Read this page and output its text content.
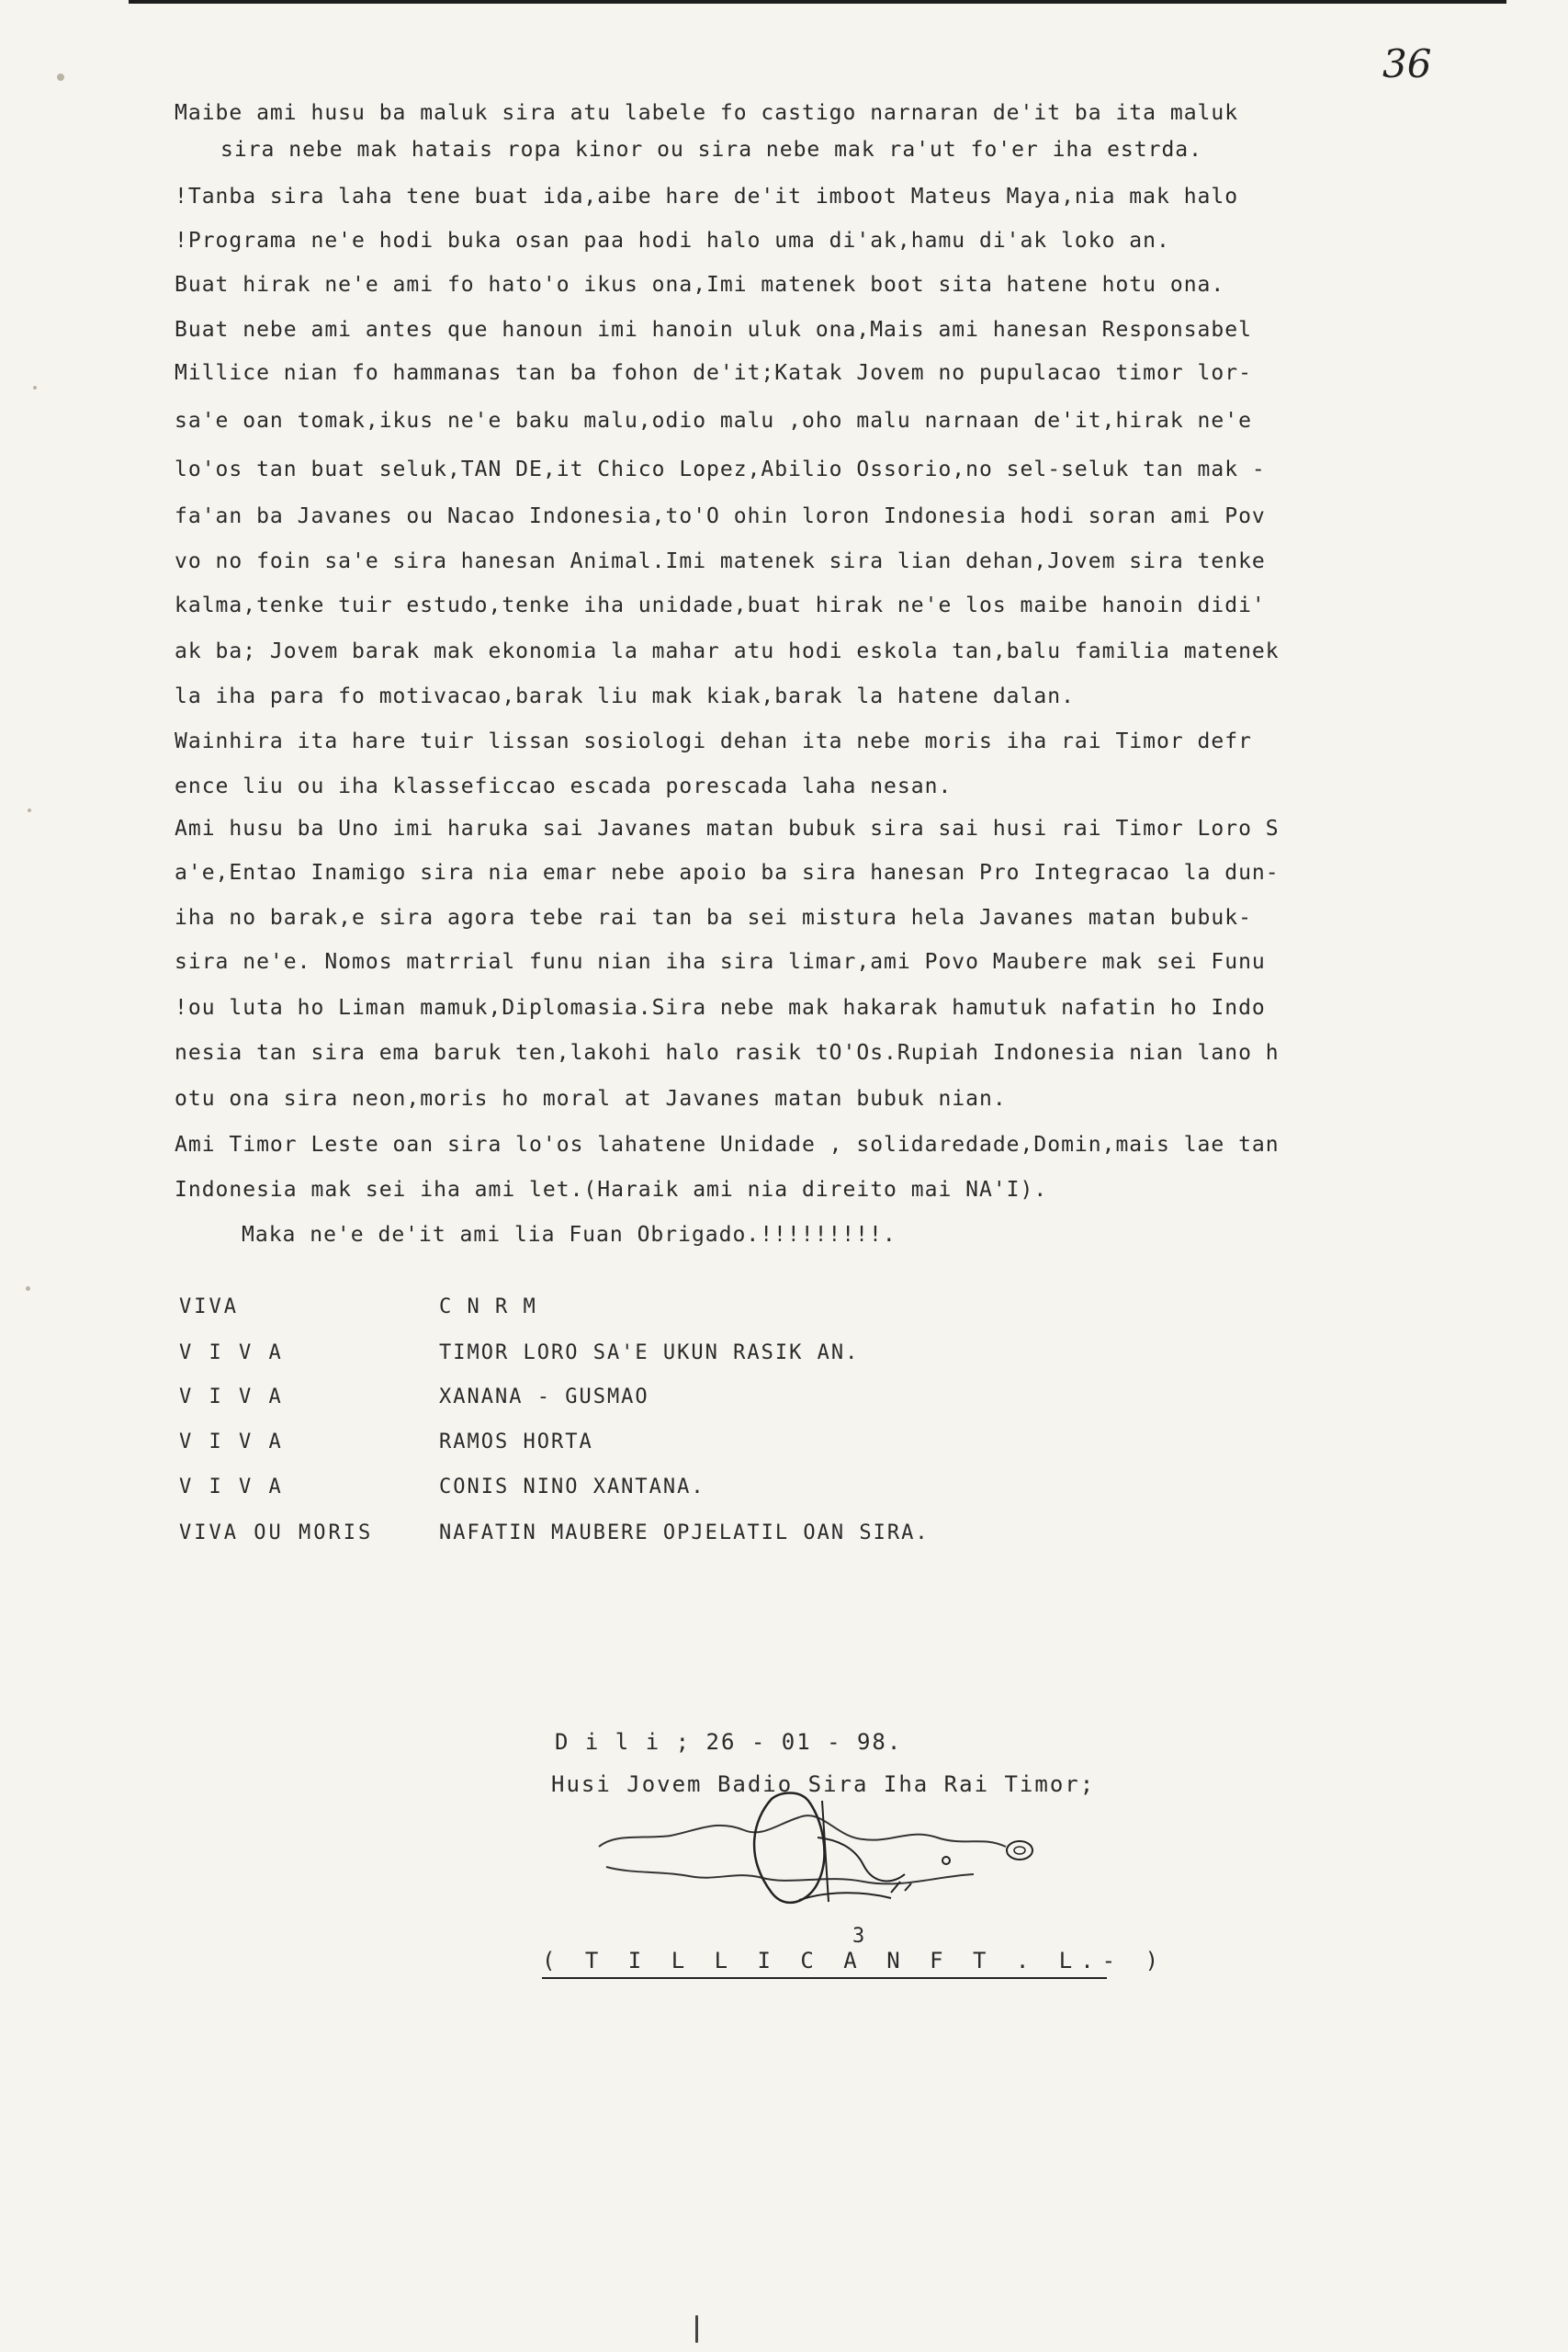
36
Maibe ami husu ba maluk sira atu labele fo castigo narnaran de'it ba ita maluk
sira nebe mak hatais ropa kinor ou sira nebe mak ra'ut fo'er iha estrda.
!Tanba sira laha tene buat ida,aibe hare de'it imboot Mateus Maya,nia mak halo
!Programa ne'e hodi buka osan paa hodi halo uma di'ak,hamu di'ak loko an.
Buat hirak ne'e ami fo hato'o ikus ona,Imi matenek boot sita hatene hotu ona.
Buat nebe ami antes que hanoun imi hanoin uluk ona,Mais ami hanesan Responsabel
Millice nian fo hammanas tan ba fohon de'it;Katak Jovem no pupulacao timor lor-
sa'e oan tomak,ikus ne'e baku malu,odio malu ,oho malu narnaan de'it,hirak ne'e
lo'os tan buat seluk,TAN DE,it Chico Lopez,Abilio Ossorio,no sel-seluk tan mak -
fa'an ba Javanes ou Nacao Indonesia,to'O ohin loron Indonesia hodi soran ami Pov
vo no foin sa'e sira hanesan Animal.Imi matenek sira lian dehan,Jovem sira tenke
kalma,tenke tuir estudo,tenke iha unidade,buat hirak ne'e los maibe hanoin didi'
ak ba; Jovem barak mak ekonomia la mahar atu hodi eskola tan,balu familia matenek
la iha para fo motivacao,barak liu mak kiak,barak la hatene dalan.
Wainhira ita hare tuir lissan sosiologi dehan ita nebe moris iha rai Timor defr
ence liu ou iha klasseficcao escada porescada laha nesan.
Ami husu ba Uno imi haruka sai Javanes matan bubuk sira sai husi rai Timor Loro S
a'e,Entao Inamigo sira nia emar nebe apoio ba sira hanesan Pro Integracao la dun-
iha no barak,e sira agora tebe rai tan ba sei mistura hela Javanes matan bubuk-
sira ne'e. Nomos matrrial funu nian iha sira limar,ami Povo Maubere mak sei Funu
!ou luta ho Liman mamuk,Diplomasia.Sira nebe mak hakarak hamutuk nafatin ho Indo
nesia tan sira ema baruk ten,lakohi halo rasik tO'Os.Rupiah Indonesia nian lano h
otu ona sira neon,moris ho moral at Javanes matan bubuk nian.
Ami Timor Leste oan sira lo'os lahatene Unidade , solidaredade,Domin,mais lae tan
Indonesia mak sei iha ami let.(Haraik ami nia direito mai NA'I).
Maka ne'e de'it ami lia Fuan Obrigado.!!!!!!!!!.
VIVA	C N R M
V I V A	TIMOR LORO SA'E UKUN RASIK AN.
V I V A	XANANA - GUSMAO
V I V A	RAMOS HORTA
V I V A	CONIS NINO XANTANA.
VIVA OU MORIS	NAFATIN MAUBERE OPJELATIL OAN SIRA.
D i l i ; 26 - 01 - 98.
Husi Jovem Badio Sira Iha Rai Timor;
3
( T I L L I C A N F T . L.- )
